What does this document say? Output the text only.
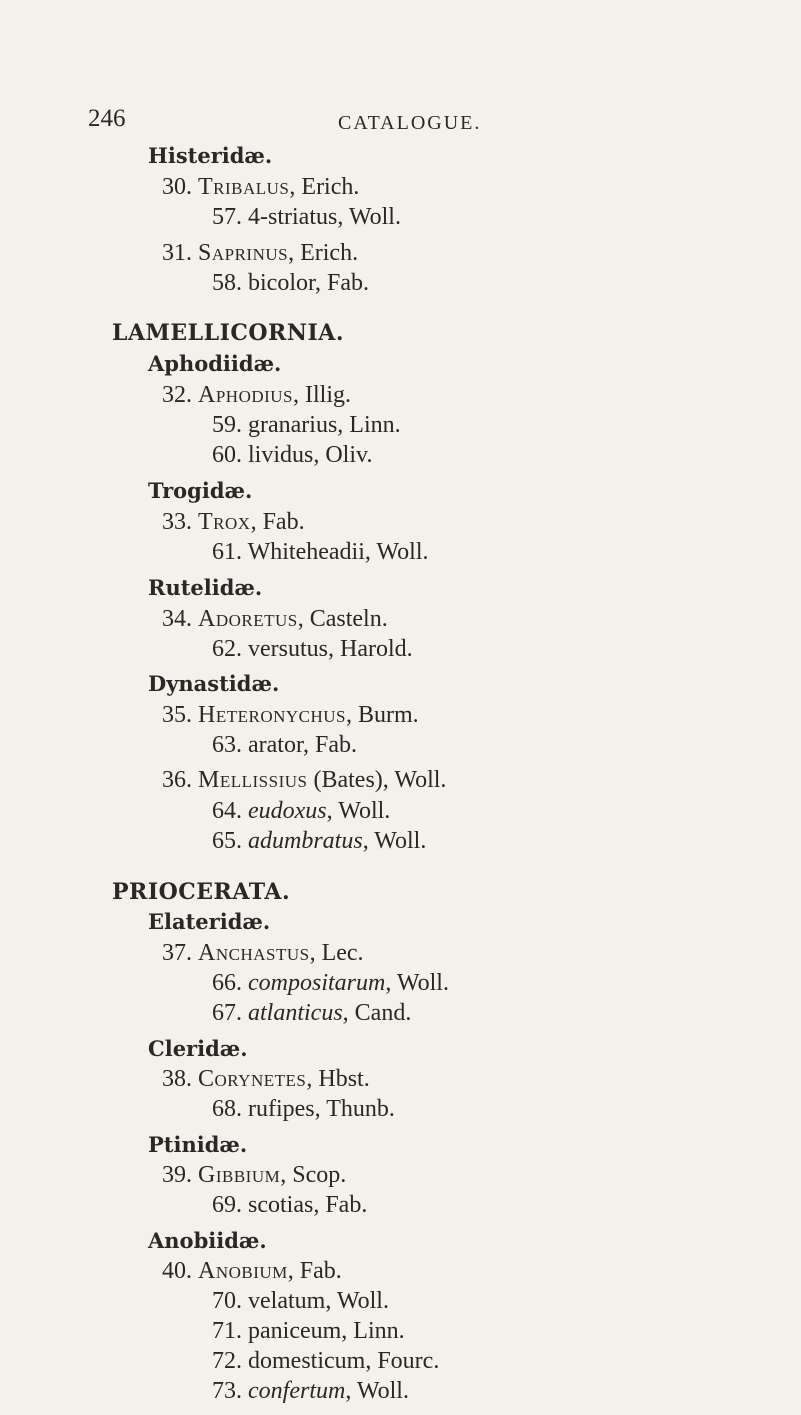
246	CATALOGUE.
Histeridæ.
30. Tribalus, Erich.
57. 4-striatus, Woll.
31. Saprinus, Erich.
58. bicolor, Fab.
LAMELLICORNIA.
Aphodiidæ.
32. Aphodius, Illig.
59. granarius, Linn.
60. lividus, Oliv.
Trogidæ.
33. Trox, Fab.
61. Whiteheadii, Woll.
Rutelidæ.
34. Adoretus, Casteln.
62. versutus, Harold.
Dynastidæ.
35. Heteronychus, Burm.
63. arator, Fab.
36. Mellissius (Bates), Woll.
64. eudoxus, Woll.
65. adumbratus, Woll.
PRIOCERATA.
Elateridæ.
37. Anchastus, Lec.
66. compositarum, Woll.
67. atlanticus, Cand.
Cleridæ.
38. Corynetes, Hbst.
68. rufipes, Thunb.
Ptinidæ.
39. Gibbium, Scop.
69. scotias, Fab.
Anobiidæ.
40. Anobium, Fab.
70. velatum, Woll.
71. paniceum, Linn.
72. domesticum, Fourc.
73. confertum, Woll.
